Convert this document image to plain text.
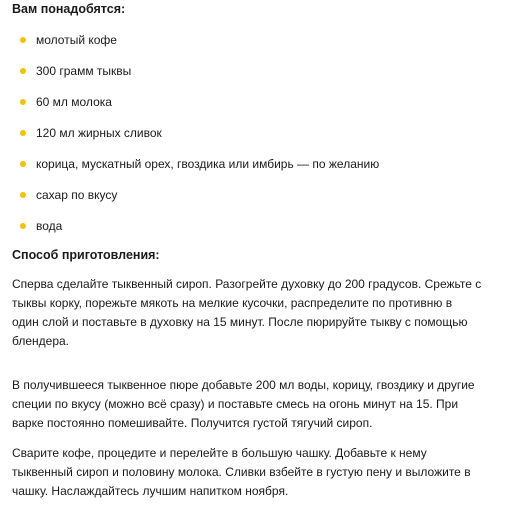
Вам понадобятся:
молотый кофе
300 грамм тыквы
60 мл молока
120 мл жирных сливок
корица, мускатный орех, гвоздика или имбирь — по желанию
сахар по вкусу
вода
Способ приготовления:

Сперва сделайте тыквенный сироп. Разогрейте духовку до 200 градусов. Срежьте с
тыквы корку, порежьте мякоть на мелкие кусочки, распределите по противню в
один слой и поставьте в духовку на 15 минут. После пюрируйте тыкву с помощью
блендера.

В получившееся тыквенное пюре добавьте 200 мл воды, корицу, гвоздику и другие
специи по вкусу (можно всё сразу) и поставьте смесь на огонь минут на 15. При
варке постоянно помешивайте. Получится густой тягучий сироп.

Сварите кофе, процедите и перелейте в большую чашку. Добавьте к нему
тыквенный сироп и половину молока. Сливки взбейте в густую пену и выложите в
чашку. Наслаждайтесь лучшим напитком ноября.
